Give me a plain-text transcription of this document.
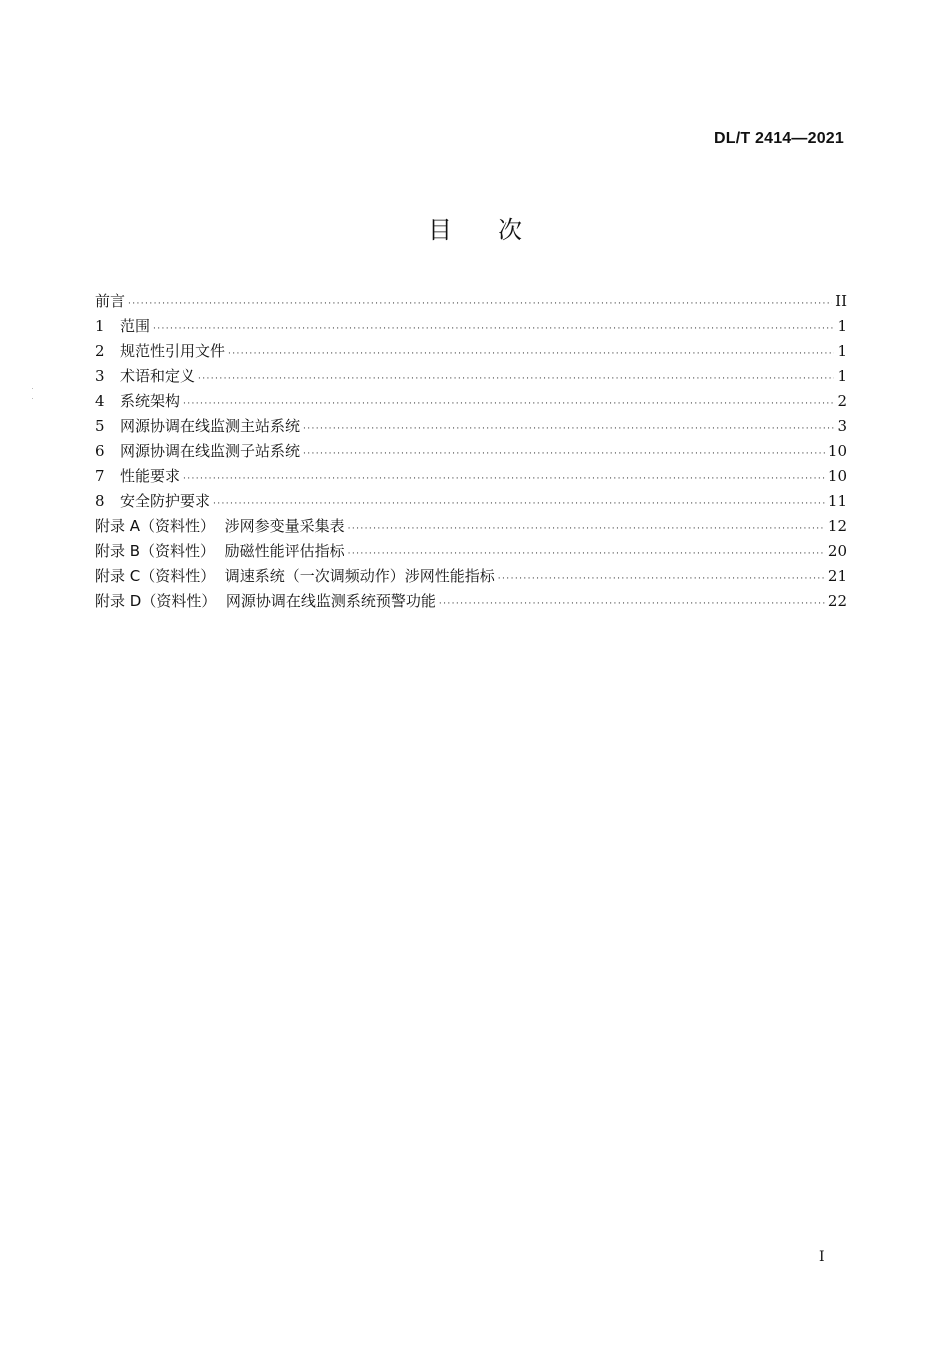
DL/T 2414—2021
目 次
前言 ·····	II
1	范围 ·····	1
2	规范性引用文件 ·····	1
3	术语和定义 ·····	1
4	系统架构 ·····	2
5	网源协调在线监测主站系统 ·····	3
6	网源协调在线监测子站系统 ·····	10
7	性能要求 ·····	10
8	安全防护要求 ·····	11
附录 A（资料性）  涉网参变量采集表 ·····	12
附录 B（资料性）  励磁性能评估指标 ·····	20
附录 C（资料性）  调速系统（一次调频动作）涉网性能指标 ·····	21
附录 D（资料性）  网源协调在线监测系统预警功能 ·····	22
I
